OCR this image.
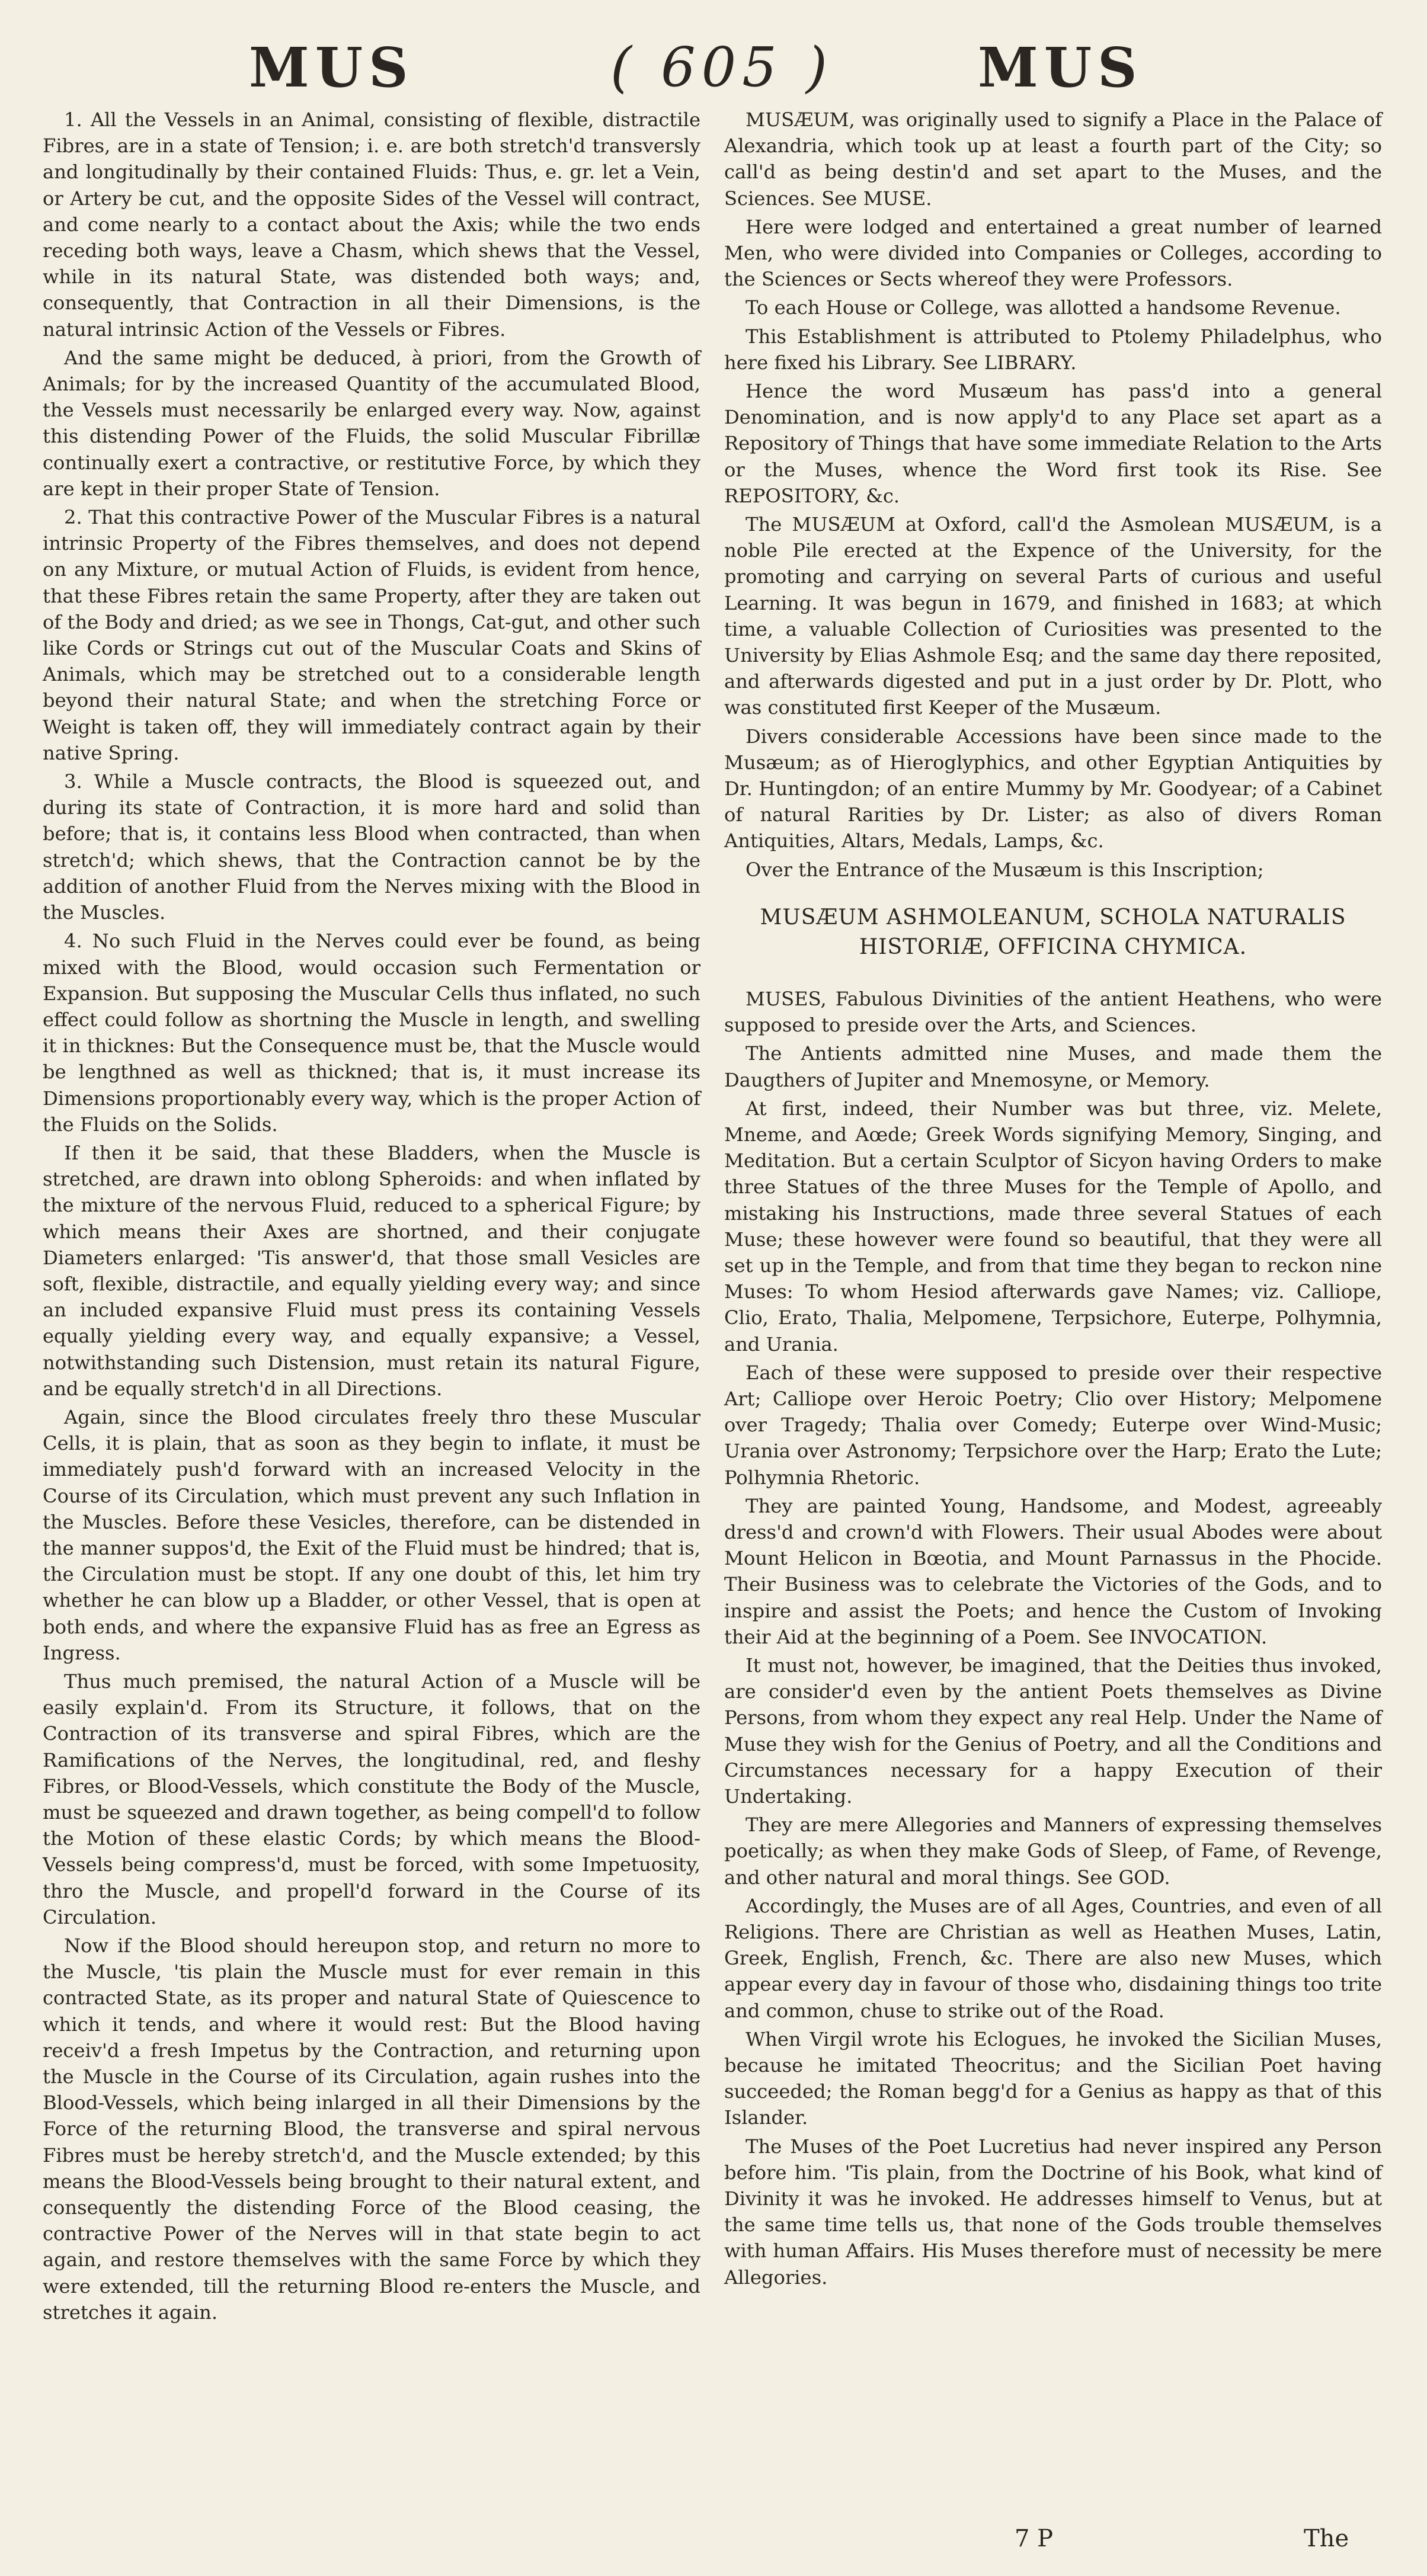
MUS	( 605 )	MUS

1. All the Vessels in an Animal, consisting of flexible, distractile Fibres, are in a state of Tension; i. e. are both stretch'd transversly and longitudinally by their contained Fluids: Thus, e. gr. let a Vein, or Artery be cut, and the opposite Sides of the Vessel will contract, and come nearly to a contact about the Axis; while the two ends receding both ways, leave a Chasm, which shews that the Vessel, while in its natural State, was distended both ways; and, consequently, that Contraction in all their Dimensions, is the natural intrinsic Action of the Vessels or Fibres.

And the same might be deduced, à priori, from the Growth of Animals; for by the increased Quantity of the accumulated Blood, the Vessels must necessarily be enlarged every way. Now, against this distending Power of the Fluids, the solid Muscular Fibrillæ continually exert a contractive, or restitutive Force, by which they are kept in their proper State of Tension.

2. That this contractive Power of the Muscular Fibres is a natural intrinsic Property of the Fibres themselves, and does not depend on any Mixture, or mutual Action of Fluids, is evident from hence, that these Fibres retain the same Property, after they are taken out of the Body and dried; as we see in Thongs, Cat-gut, and other such like Cords or Strings cut out of the Muscular Coats and Skins of Animals, which may be stretched out to a considerable length beyond their natural State; and when the stretching Force or Weight is taken off, they will immediately contract again by their native Spring.

3. While a Muscle contracts, the Blood is squeezed out, and during its state of Contraction, it is more hard and solid than before; that is, it contains less Blood when contracted, than when stretch'd; which shews, that the Contraction cannot be by the addition of another Fluid from the Nerves mixing with the Blood in the Muscles.

4. No such Fluid in the Nerves could ever be found, as being mixed with the Blood, would occasion such Fermentation or Expansion. But supposing the Muscular Cells thus inflated, no such effect could follow as shortning the Muscle in length, and swelling it in thicknes: But the Consequence must be, that the Muscle would be lengthned as well as thickned; that is, it must increase its Dimensions proportionably every way, which is the proper Action of the Fluids on the Solids.

If then it be said, that these Bladders, when the Muscle is stretched, are drawn into oblong Spheroids: and when inflated by the mixture of the nervous Fluid, reduced to a spherical Figure; by which means their Axes are shortned, and their conjugate Diameters enlarged: 'Tis answer'd, that those small Vesicles are soft, flexible, distractile, and equally yielding every way; and since an included expansive Fluid must press its containing Vessels equally yielding every way, and equally expansive; a Vessel, notwithstanding such Distension, must retain its natural Figure, and be equally stretch'd in all Directions.

Again, since the Blood circulates freely thro these Muscular Cells, it is plain, that as soon as they begin to inflate, it must be immediately push'd forward with an increased Velocity in the Course of its Circulation, which must prevent any such Inflation in the Muscles. Before these Vesicles, therefore, can be distended in the manner suppos'd, the Exit of the Fluid must be hindred; that is, the Circulation must be stopt. If any one doubt of this, let him try whether he can blow up a Bladder, or other Vessel, that is open at both ends, and where the expansive Fluid has as free an Egress as Ingress.

Thus much premised, the natural Action of a Muscle will be easily explain'd. From its Structure, it follows, that on the Contraction of its transverse and spiral Fibres, which are the Ramifications of the Nerves, the longitudinal, red, and fleshy Fibres, or Blood-Vessels, which constitute the Body of the Muscle, must be squeezed and drawn together, as being compell'd to follow the Motion of these elastic Cords; by which means the Blood-Vessels being compress'd, must be forced, with some Impetuosity, thro the Muscle, and propell'd forward in the Course of its Circulation.

Now if the Blood should hereupon stop, and return no more to the Muscle, 'tis plain the Muscle must for ever remain in this contracted State, as its proper and natural State of Quiescence to which it tends, and where it would rest: But the Blood having receiv'd a fresh Impetus by the Contraction, and returning upon the Muscle in the Course of its Circulation, again rushes into the Blood-Vessels, which being inlarged in all their Dimensions by the Force of the returning Blood, the transverse and spiral nervous Fibres must be hereby stretch'd, and the Muscle extended; by this means the Blood-Vessels being brought to their natural extent, and consequently the distending Force of the Blood ceasing, the contractive Power of the Nerves will in that state begin to act again, and restore themselves with the same Force by which they were extended, till the returning Blood re-enters the Muscle, and stretches it again.

MUSÆUM, was originally used to signify a Place in the Palace of Alexandria, which took up at least a fourth part of the City; so call'd as being destin'd and set apart to the Muses, and the Sciences. See MUSE.

Here were lodged and entertained a great number of learned Men, who were divided into Companies or Colleges, according to the Sciences or Sects whereof they were Professors.

To each House or College, was allotted a handsome Revenue.

This Establishment is attributed to Ptolemy Philadelphus, who here fixed his Library. See LIBRARY.

Hence the word Musæum has pass'd into a general Denomination, and is now apply'd to any Place set apart as a Repository of Things that have some immediate Relation to the Arts or the Muses, whence the Word first took its Rise. See REPOSITORY, &c.

The MUSÆUM at Oxford, call'd the Asmolean MUSÆUM, is a noble Pile erected at the Expence of the University, for the promoting and carrying on several Parts of curious and useful Learning. It was begun in 1679, and finished in 1683; at which time, a valuable Collection of Curiosities was presented to the University by Elias Ashmole Esq; and the same day there reposited, and afterwards digested and put in a just order by Dr. Plott, who was constituted first Keeper of the Musæum.

Divers considerable Accessions have been since made to the Musæum; as of Hieroglyphics, and other Egyptian Antiquities by Dr. Huntingdon; of an entire Mummy by Mr. Goodyear; of a Cabinet of natural Rarities by Dr. Lister; as also of divers Roman Antiquities, Altars, Medals, Lamps, &c.

Over the Entrance of the Musæum is this Inscription;

MUSÆUM ASHMOLEANUM, SCHOLA NATURALIS HISTORIÆ, OFFICINA CHYMICA.

MUSES, Fabulous Divinities of the antient Heathens, who were supposed to preside over the Arts, and Sciences.

The Antients admitted nine Muses, and made them the Daugthers of Jupiter and Mnemosyne, or Memory.

At first, indeed, their Number was but three, viz. Melete, Mneme, and Aœde; Greek Words signifying Memory, Singing, and Meditation. But a certain Sculptor of Sicyon having Orders to make three Statues of the three Muses for the Temple of Apollo, and mistaking his Instructions, made three several Statues of each Muse; these however were found so beautiful, that they were all set up in the Temple, and from that time they began to reckon nine Muses: To whom Hesiod afterwards gave Names; viz. Calliope, Clio, Erato, Thalia, Melpomene, Terpsichore, Euterpe, Polhymnia, and Urania.

Each of these were supposed to preside over their respective Art; Calliope over Heroic Poetry; Clio over History; Melpomene over Tragedy; Thalia over Comedy; Euterpe over Wind-Music; Urania over Astronomy; Terpsichore over the Harp; Erato the Lute; Polhymnia Rhetoric.

They are painted Young, Handsome, and Modest, agreeably dress'd and crown'd with Flowers. Their usual Abodes were about Mount Helicon in Bœotia, and Mount Parnassus in the Phocide. Their Business was to celebrate the Victories of the Gods, and to inspire and assist the Poets; and hence the Custom of Invoking their Aid at the beginning of a Poem. See INVOCATION.

It must not, however, be imagined, that the Deities thus invoked, are consider'd even by the antient Poets themselves as Divine Persons, from whom they expect any real Help. Under the Name of Muse they wish for the Genius of Poetry, and all the Conditions and Circumstances necessary for a happy Execution of their Undertaking.

They are mere Allegories and Manners of expressing themselves poetically; as when they make Gods of Sleep, of Fame, of Revenge, and other natural and moral things. See GOD.

Accordingly, the Muses are of all Ages, Countries, and even of all Religions. There are Christian as well as Heathen Muses, Latin, Greek, English, French, &c. There are also new Muses, which appear every day in favour of those who, disdaining things too trite and common, chuse to strike out of the Road.

When Virgil wrote his Eclogues, he invoked the Sicilian Muses, because he imitated Theocritus; and the Sicilian Poet having succeeded; the Roman begg'd for a Genius as happy as that of this Islander.

The Muses of the Poet Lucretius had never inspired any Person before him. 'Tis plain, from the Doctrine of his Book, what kind of Divinity it was he invoked. He addresses himself to Venus, but at the same time tells us, that none of the Gods trouble themselves with human Affairs. His Muses therefore must of necessity be mere Allegories.

7 P	The
